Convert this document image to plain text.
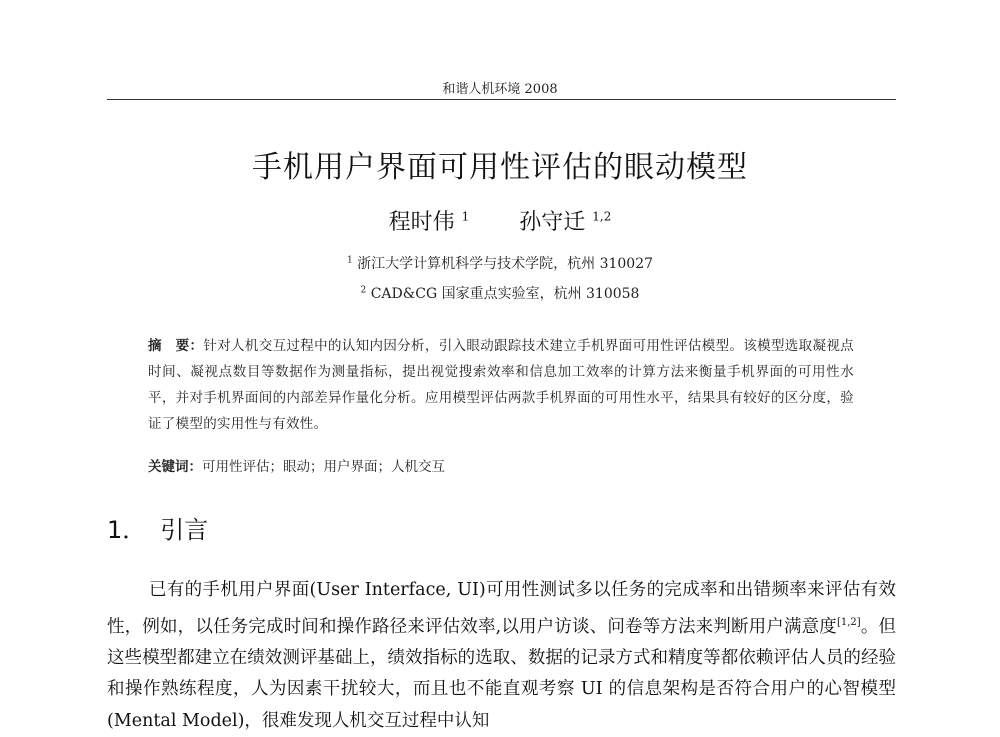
和谐人机环境 2008
手机用户界面可用性评估的眼动模型
程时伟 $^1$ 孙守迁 $^{1,2}$
$^1$ 浙江大学计算机科学与技术学院，杭州 310027
$^2$ CAD&CG 国家重点实验室，杭州 310058
摘　要：针对人机交互过程中的认知内因分析，引入眼动跟踪技术建立手机界面可用性评估模型。该模型选取凝视点时间、凝视点数目等数据作为测量指标，提出视觉搜索效率和信息加工效率的计算方法来衡量手机界面的可用性水平，并对手机界面间的内部差异作量化分析。应用模型评估两款手机界面的可用性水平，结果具有较好的区分度，验证了模型的实用性与有效性。
关键词：可用性评估；眼动；用户界面；人机交互
1． 引言
已有的手机用户界面(User Interface, UI)可用性测试多以任务的完成率和出错频率来评估有效性，例如，以任务完成时间和操作路径来评估效率,以用户访谈、问卷等方法来判断用户满意度[1,2]。但这些模型都建立在绩效测评基础上，绩效指标的选取、数据的记录方式和精度等都依赖评估人员的经验和操作熟练程度，人为因素干扰较大，而且也不能直观考察 UI 的信息架构是否符合用户的心智模型(Mental Model)，很难发现人机交互过程中认知
